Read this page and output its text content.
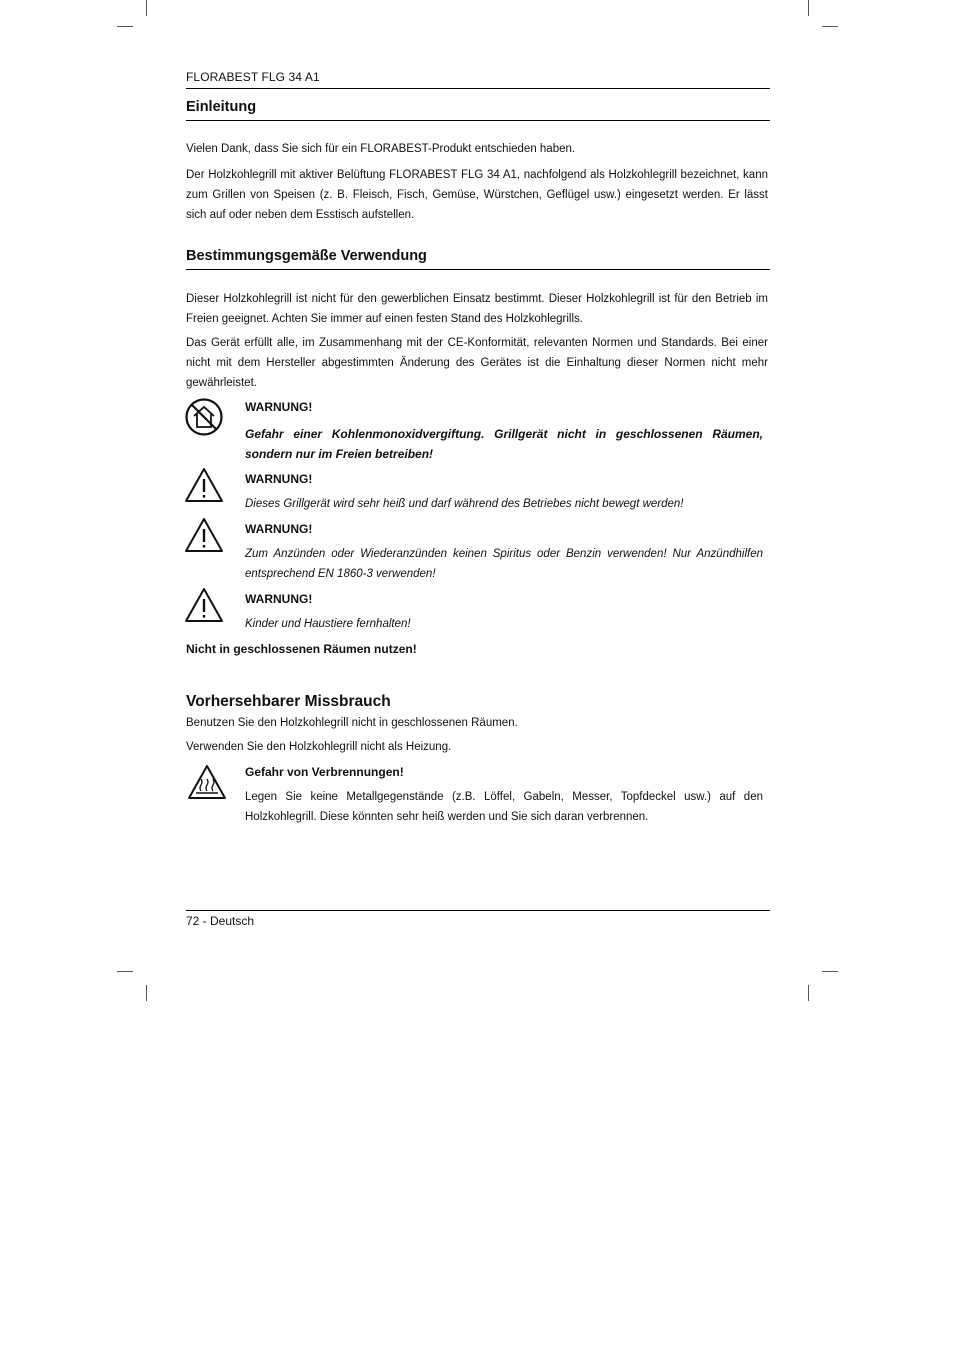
FLORABEST FLG 34 A1
Einleitung
Vielen Dank, dass Sie sich für ein FLORABEST-Produkt entschieden haben.
Der Holzkohlegrill mit aktiver Belüftung FLORABEST FLG 34 A1, nachfolgend als Holzkohlegrill bezeichnet, kann zum Grillen von Speisen (z. B. Fleisch, Fisch, Gemüse, Würstchen, Geflügel usw.) eingesetzt werden. Er lässt sich auf oder neben dem Esstisch aufstellen.
Bestimmungsgemäße Verwendung
Dieser Holzkohlegrill ist nicht für den gewerblichen Einsatz bestimmt. Dieser Holzkohlegrill ist für den Betrieb im Freien geeignet. Achten Sie immer auf einen festen Stand des Holzkohlegrills.
Das Gerät erfüllt alle, im Zusammenhang mit der CE-Konformität, relevanten Normen und Standards. Bei einer nicht mit dem Hersteller abgestimmten Änderung des Gerätes ist die Einhaltung dieser Normen nicht mehr gewährleistet.
WARNUNG!
Gefahr einer Kohlenmonoxidvergiftung. Grillgerät nicht in geschlossenen Räumen, sondern nur im Freien betreiben!
WARNUNG!
Dieses Grillgerät wird sehr heiß und darf während des Betriebes nicht bewegt werden!
WARNUNG!
Zum Anzünden oder Wiederanzünden keinen Spiritus oder Benzin verwenden! Nur Anzündhilfen entsprechend EN 1860-3 verwenden!
WARNUNG!
Kinder und Haustiere fernhalten!
Nicht in geschlossenen Räumen nutzen!
Vorhersehbarer Missbrauch
Benutzen Sie den Holzkohlegrill nicht in geschlossenen Räumen.
Verwenden Sie den Holzkohlegrill nicht als Heizung.
Gefahr von Verbrennungen!
Legen Sie keine Metallgegenstände (z.B. Löffel, Gabeln, Messer, Topfdeckel usw.) auf den Holzkohlegrill. Diese könnten sehr heiß werden und Sie sich daran verbrennen.
72 - Deutsch
